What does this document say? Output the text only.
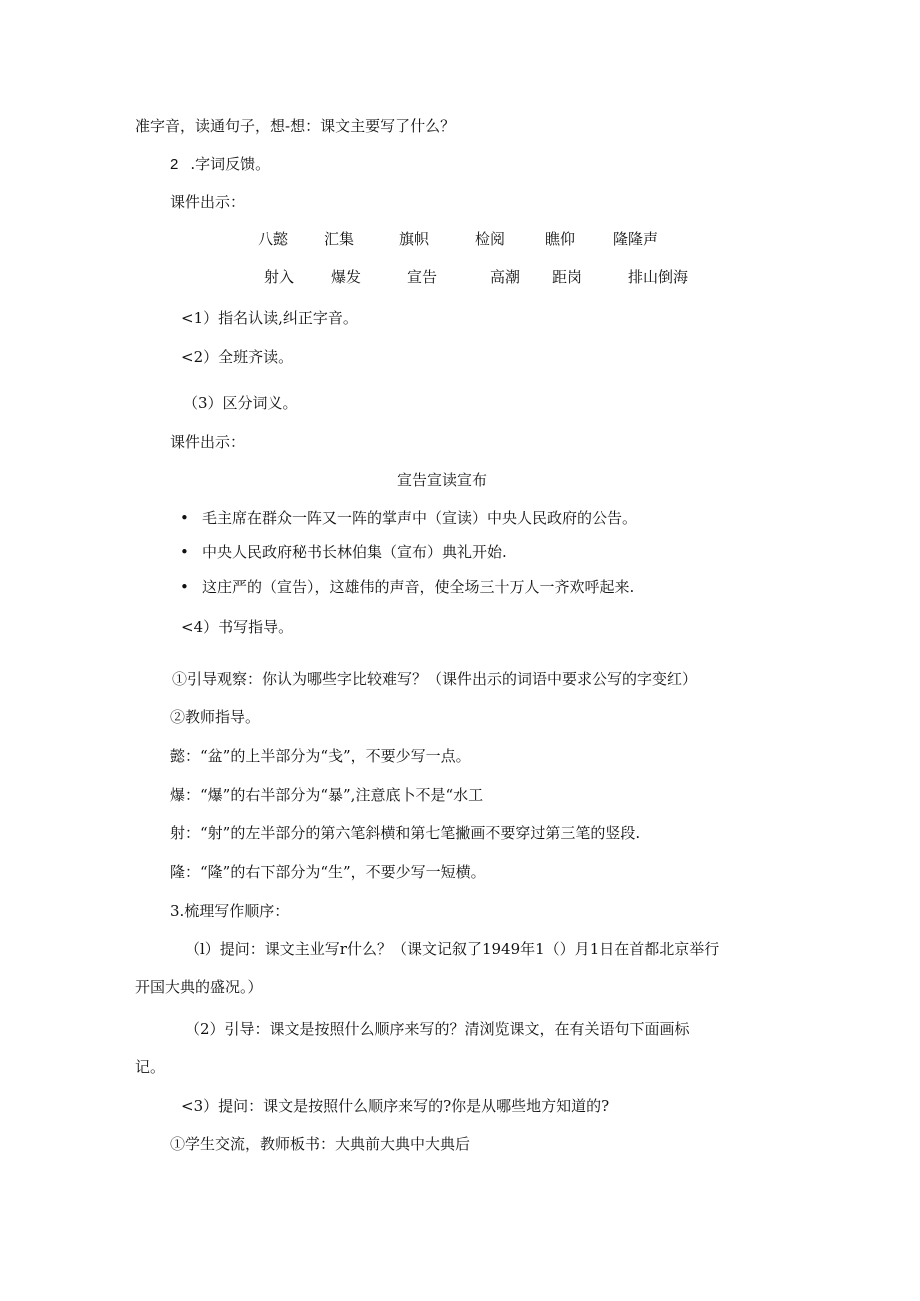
准字音，读通句子，想-想：课文主要写了什么？
2 .字词反馈。
课件出示：
八懿 汇集	旗帜	检阅	瞧仰	隆隆声
射入 爆发	宣告	高潮 距岗	排山倒海
<1）指名认读,纠正字音。
<2）全班齐读。
（3）区分词义。
课件出示：
宣告宣读宣布
• 毛主席在群众一阵又一阵的掌声中（宣读）中央人民政府的公告。
• 中央人民政府秘书长林伯集（宣布）典礼开始.
• 这庄严的（宣告），这雄伟的声音，使全场三十万人一齐欢呼起来.
<4）书写指导。
①引导观察：你认为哪些字比较难写？（课件出示的词语中要求公写的字变红）
②教师指导。
懿：“盆”的上半部分为“戋”，不要少写一点。
爆：“爆”的右半部分为“暴”,注意底卜不是“水工
射：“射”的左半部分的第六笔斜横和第七笔撇画不要穿过第三笔的竖段.
隆：“隆”的右下部分为“生”，不要少写一短横。
3.梳理写作顺序：
（l）提问：课文主业写r什么？（课文记叙了1949年1（）月1日在首都北京举行
开国大典的盛况。）
（2）引导：课文是按照什么顺序来写的？清浏览课文，在有关语句下面画标
记。
<3）提问：课文是按照什么顺序来写的?你是从哪些地方知道的?
①学生交流，教师板书：大典前大典中大典后
